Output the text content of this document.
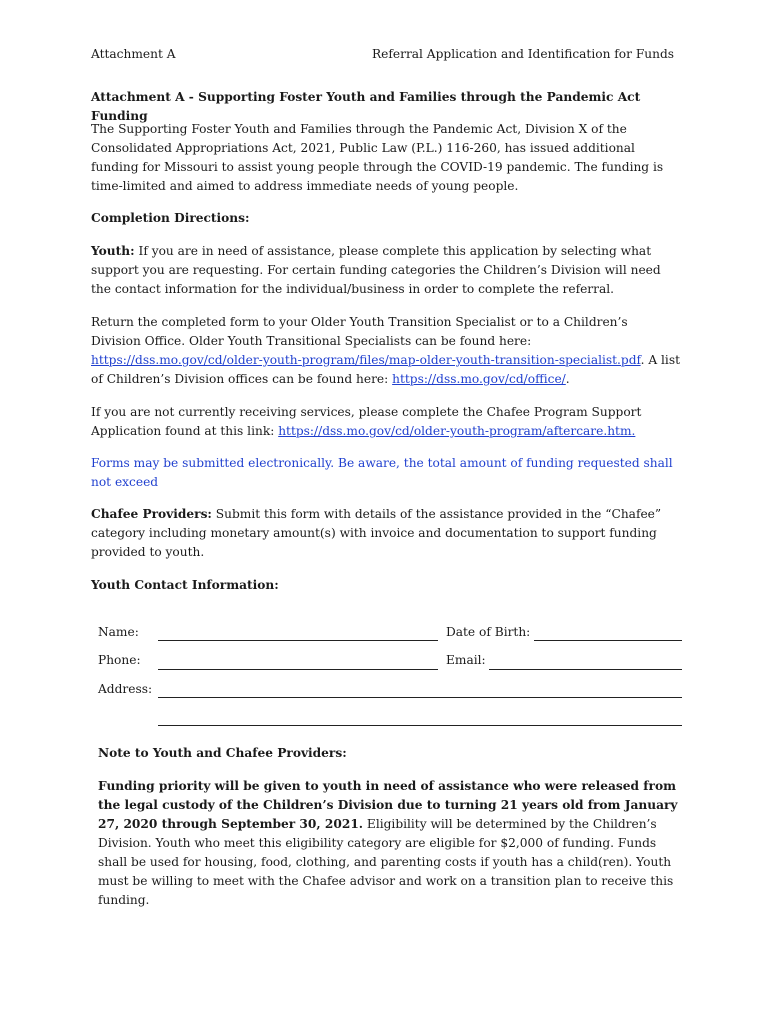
Attachment A	Referral Application and Identification for Funds
Attachment A - Supporting Foster Youth and Families through the Pandemic Act Funding
The Supporting Foster Youth and Families through the Pandemic Act, Division X of the Consolidated Appropriations Act, 2021, Public Law (P.L.) 116-260, has issued additional funding for Missouri to assist young people through the COVID-19 pandemic. The funding is time-limited and aimed to address immediate needs of young people.
Completion Directions:

Youth: If you are in need of assistance, please complete this application by selecting what support you are requesting. For certain funding categories the Children’s Division will need the contact information for the individual/business in order to complete the referral.

Return the completed form to your Older Youth Transition Specialist or to a Children’s Division Office. Older Youth Transitional Specialists can be found here: https://dss.mo.gov/cd/older-youth-program/files/map-older-youth-transition-specialist.pdf. A list of Children’s Division offices can be found here: https://dss.mo.gov/cd/office/.

If you are not currently receiving services, please complete the Chafee Program Support Application found at this link: https://dss.mo.gov/cd/older-youth-program/aftercare.htm.

Forms may be submitted electronically. Be aware, the total amount of funding requested shall not exceed

Chafee Providers: Submit this form with details of the assistance provided in the “Chafee” category including monetary amount(s) with invoice and documentation to support funding provided to youth.

Youth Contact Information:
Name:	Date of Birth:
Phone:	Email:
Address:
Note to Youth and Chafee Providers:

Funding priority will be given to youth in need of assistance who were released from the legal custody of the Children’s Division due to turning 21 years old from January 27, 2020 through September 30, 2021. Eligibility will be determined by the Children’s Division. Youth who meet this eligibility category are eligible for $2,000 of funding. Funds shall be used for housing, food, clothing, and parenting costs if youth has a child(ren). Youth must be willing to meet with the Chafee advisor and work on a transition plan to receive this funding.
